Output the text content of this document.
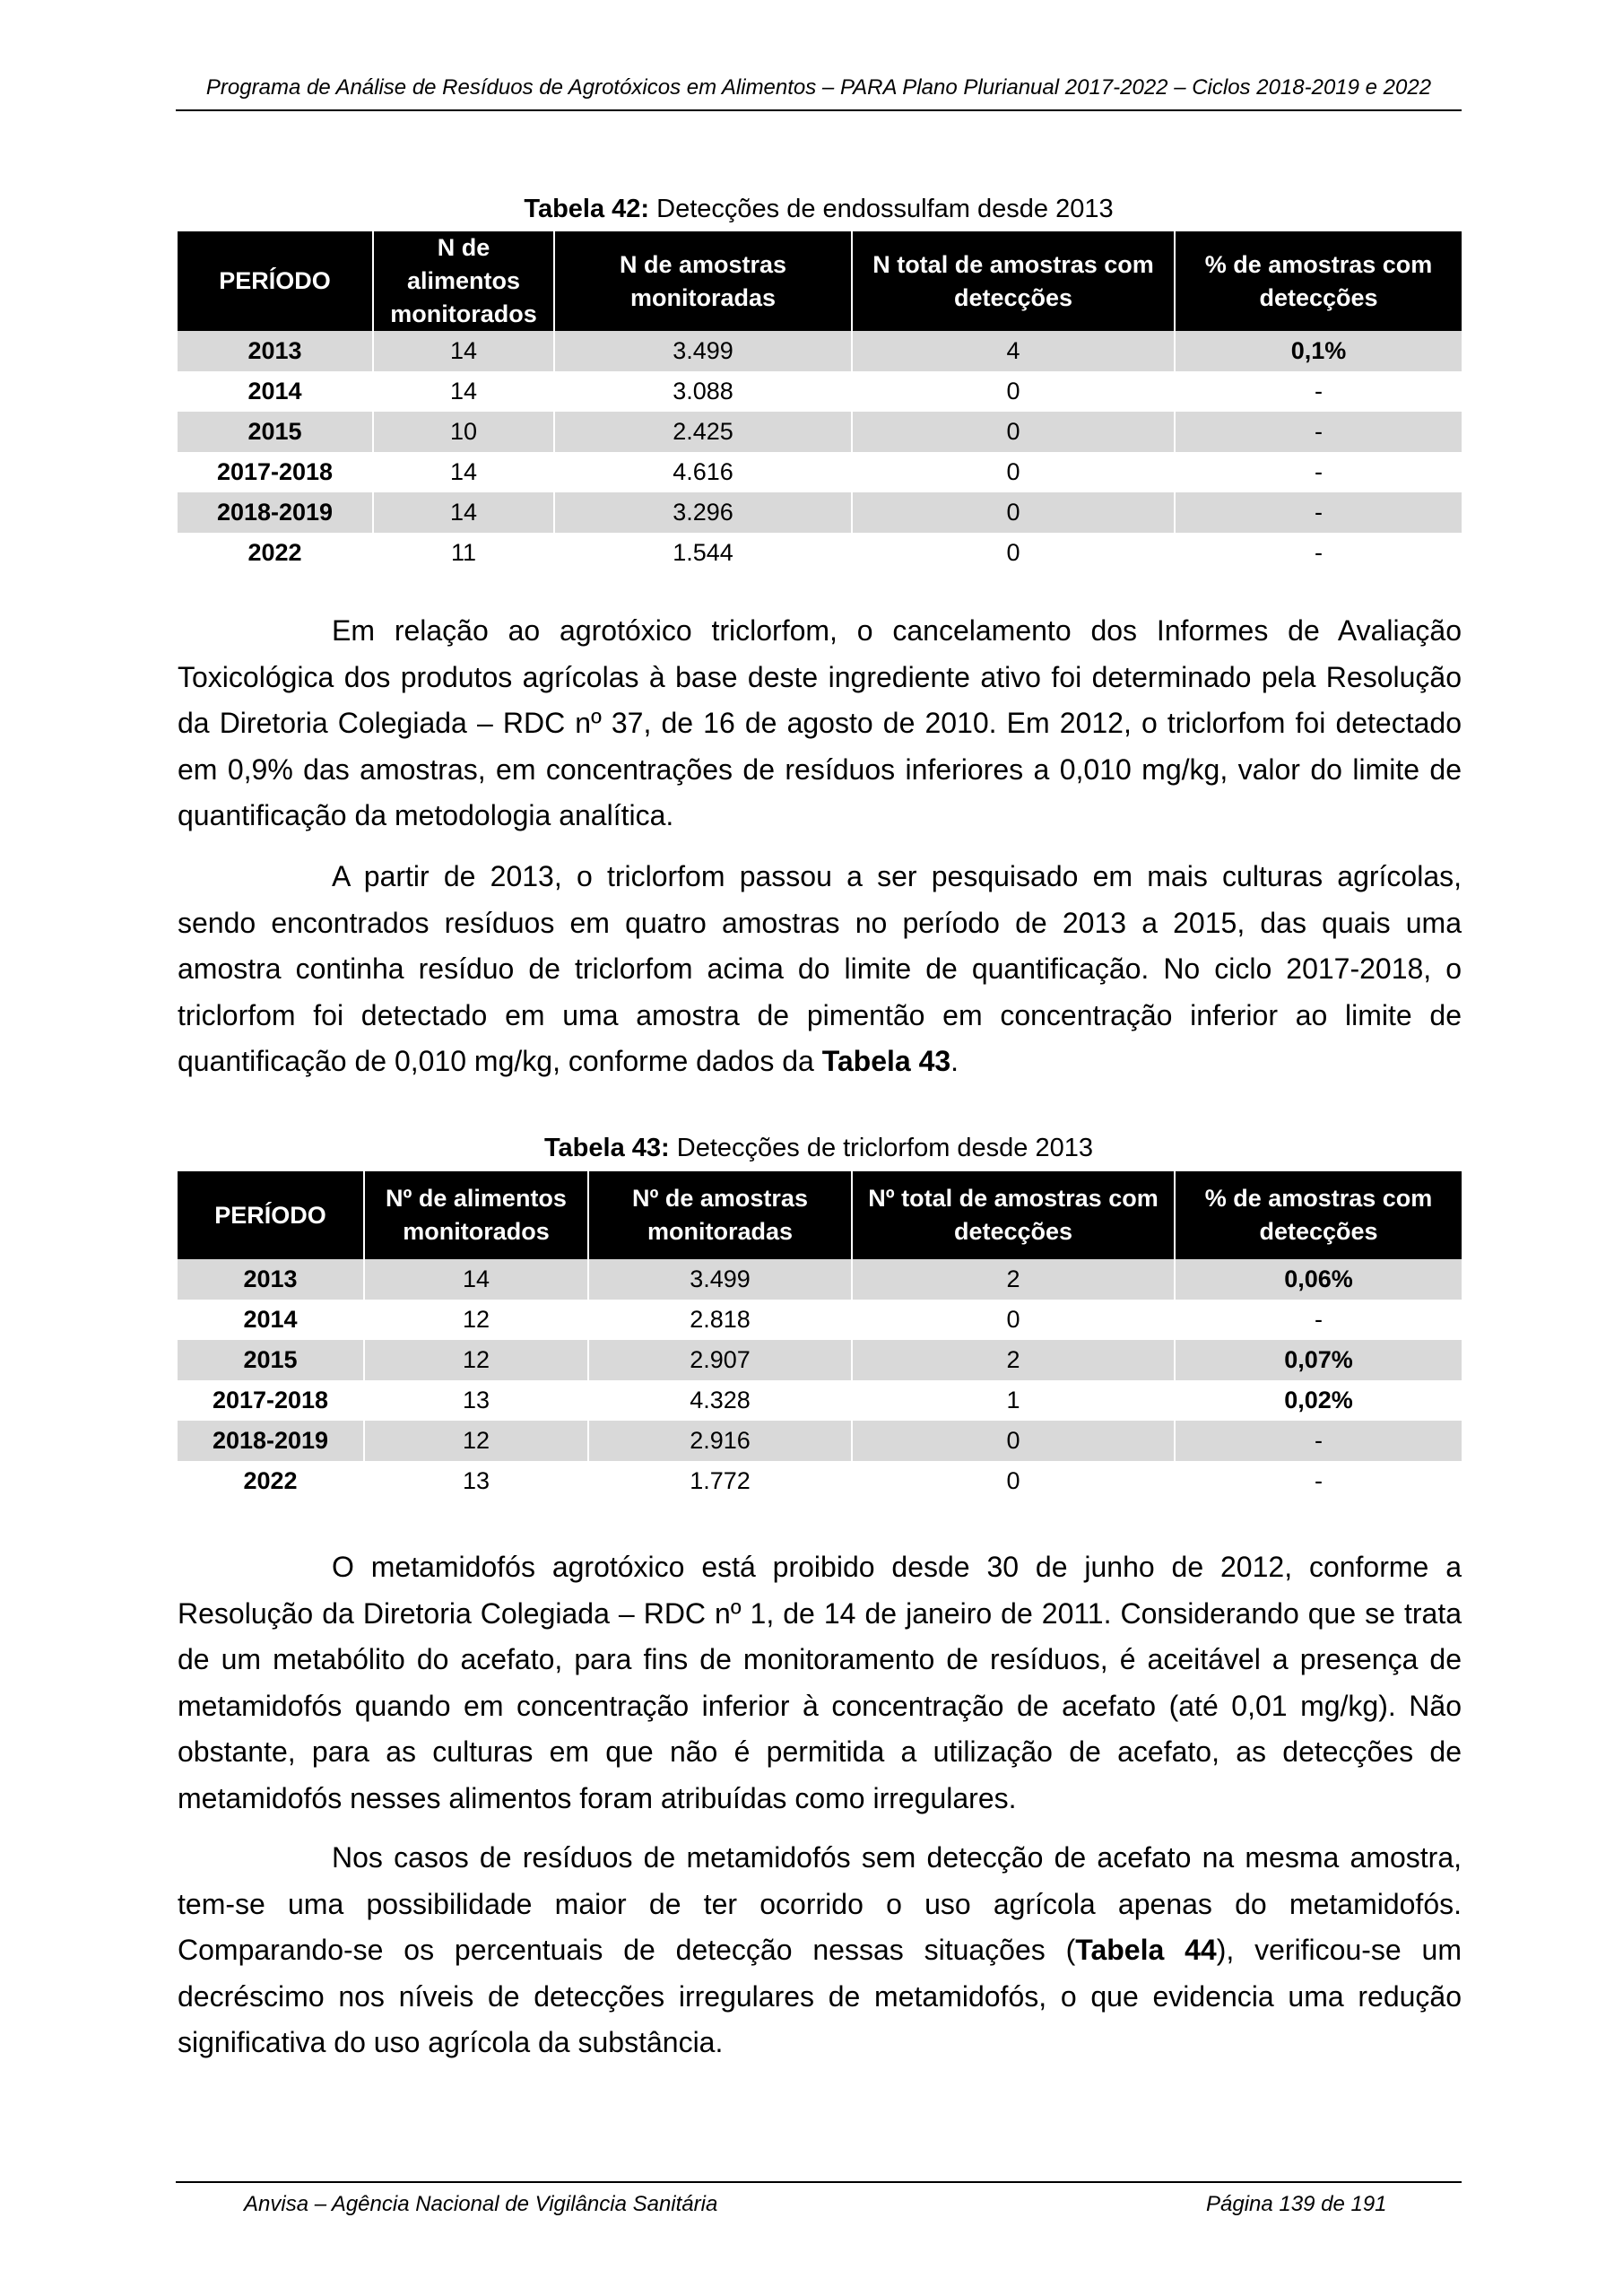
Programa de Análise de Resíduos de Agrotóxicos em Alimentos – PARA Plano Plurianual 2017-2022 – Ciclos 2018-2019 e 2022
Tabela 42: Detecções de endossulfam desde 2013
PERÍODO	N de alimentos monitorados	N de amostras monitoradas	N total de amostras com detecções	% de amostras com detecções
2013	14	3.499	4	0,1%
2014	14	3.088	0	-
2015	10	2.425	0	-
2017-2018	14	4.616	0	-
2018-2019	14	3.296	0	-
2022	11	1.544	0	-
Em relação ao agrotóxico triclorfom, o cancelamento dos Informes de Avaliação Toxicológica dos produtos agrícolas à base deste ingrediente ativo foi determinado pela Resolução da Diretoria Colegiada – RDC nº 37, de 16 de agosto de 2010. Em 2012, o triclorfom foi detectado em 0,9% das amostras, em concentrações de resíduos inferiores a 0,010 mg/kg, valor do limite de quantificação da metodologia analítica.
A partir de 2013, o triclorfom passou a ser pesquisado em mais culturas agrícolas, sendo encontrados resíduos em quatro amostras no período de 2013 a 2015, das quais uma amostra continha resíduo de triclorfom acima do limite de quantificação. No ciclo 2017-2018, o triclorfom foi detectado em uma amostra de pimentão em concentração inferior ao limite de quantificação de 0,010 mg/kg, conforme dados da Tabela 43.
Tabela 43: Detecções de triclorfom desde 2013
PERÍODO	Nº de alimentos monitorados	Nº de amostras monitoradas	Nº total de amostras com detecções	% de amostras com detecções
2013	14	3.499	2	0,06%
2014	12	2.818	0	-
2015	12	2.907	2	0,07%
2017-2018	13	4.328	1	0,02%
2018-2019	12	2.916	0	-
2022	13	1.772	0	-
O metamidofós agrotóxico está proibido desde 30 de junho de 2012, conforme a Resolução da Diretoria Colegiada – RDC nº 1, de 14 de janeiro de 2011. Considerando que se trata de um metabólito do acefato, para fins de monitoramento de resíduos, é aceitável a presença de metamidofós quando em concentração inferior à concentração de acefato (até 0,01 mg/kg). Não obstante, para as culturas em que não é permitida a utilização de acefato, as detecções de metamidofós nesses alimentos foram atribuídas como irregulares.
Nos casos de resíduos de metamidofós sem detecção de acefato na mesma amostra, tem-se uma possibilidade maior de ter ocorrido o uso agrícola apenas do metamidofós. Comparando-se os percentuais de detecção nessas situações (Tabela 44), verificou-se um decréscimo nos níveis de detecções irregulares de metamidofós, o que evidencia uma redução significativa do uso agrícola da substância.
Anvisa – Agência Nacional de Vigilância Sanitária	Página 139 de 191
